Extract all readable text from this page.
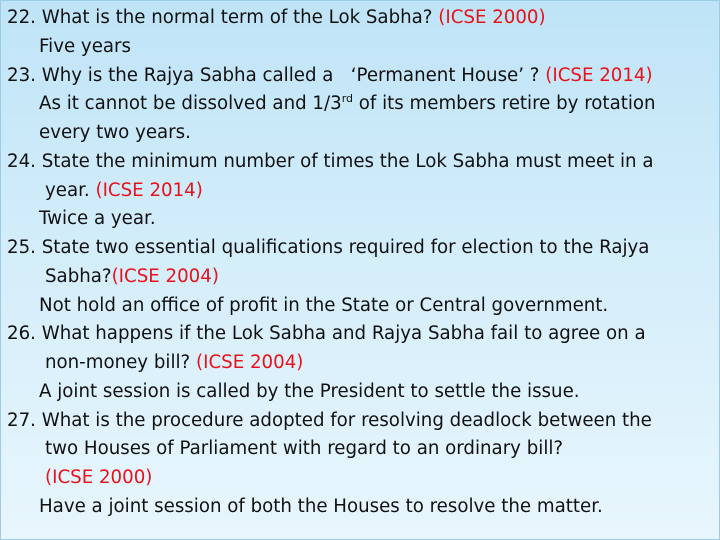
22. What is the normal term of the Lok Sabha? (ICSE 2000)
Five years
23. Why is the Rajya Sabha called a   ‘Permanent House’ ? (ICSE 2014)
As it cannot be dissolved and 1/3rd of its members retire by rotation
every two years.
24. State the minimum number of times the Lok Sabha must meet in a
year. (ICSE 2014)
Twice a year.
25. State two essential qualifications required for election to the Rajya
Sabha?(ICSE 2004)
Not hold an office of profit in the State or Central government.
26. What happens if the Lok Sabha and Rajya Sabha fail to agree on a
non-money bill? (ICSE 2004)
A joint session is called by the President to settle the issue.
27. What is the procedure adopted for resolving deadlock between the
two Houses of Parliament with regard to an ordinary bill?
(ICSE 2000)
Have a joint session of both the Houses to resolve the matter.
